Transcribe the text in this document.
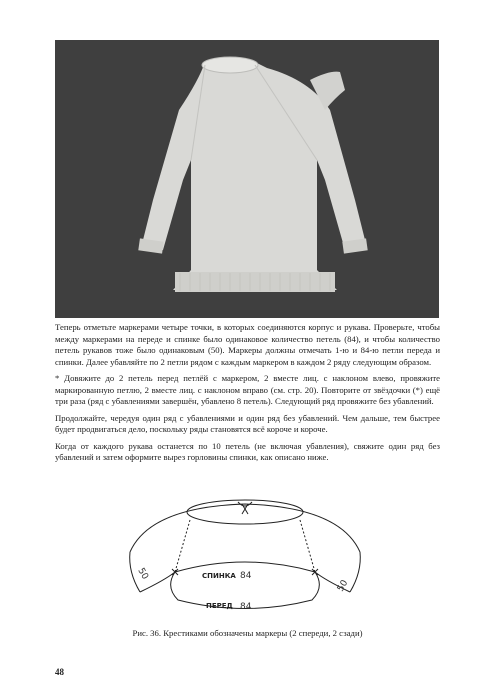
Теперь отметьте маркерами четыре точки, в которых соединяются корпус и рукава. Проверьте, чтобы между маркерами на переде и спинке было одинаковое количество петель (84), и чтобы количество петель рукавов тоже было одинаковым (50). Маркеры должны отмечать 1-ю и 84-ю петли переда и спинки. Далее убавляйте по 2 петли рядом с каждым маркером в каждом 2 ряду следующим образом.

* Довяжите до 2 петель перед петлёй с маркером, 2 вместе лиц. с наклоном влево, провяжите маркированную петлю, 2 вместе лиц. с наклоном вправо (см. стр. 20). Повторите от звёздочки (*) ещё три раза (ряд с убавлениями завершён, убавлено 8 петель). Следующий ряд провяжите без убавлений.

Продолжайте, чередуя один ряд с убавлениями и один ряд без убавлений. Чем дальше, тем быстрее будет продвигаться дело, поскольку ряды становятся всё короче и короче.

Когда от каждого рукава останется по 10 петель (не включая убавления), свяжите один ряд без убавлений и затем оформите вырез горловины спинки, как описано ниже.

50
50
СПИНКА 84
ПЕРЕД 84
Рис. 36. Крестиками обозначены маркеры (2 спереди, 2 сзади)
48
